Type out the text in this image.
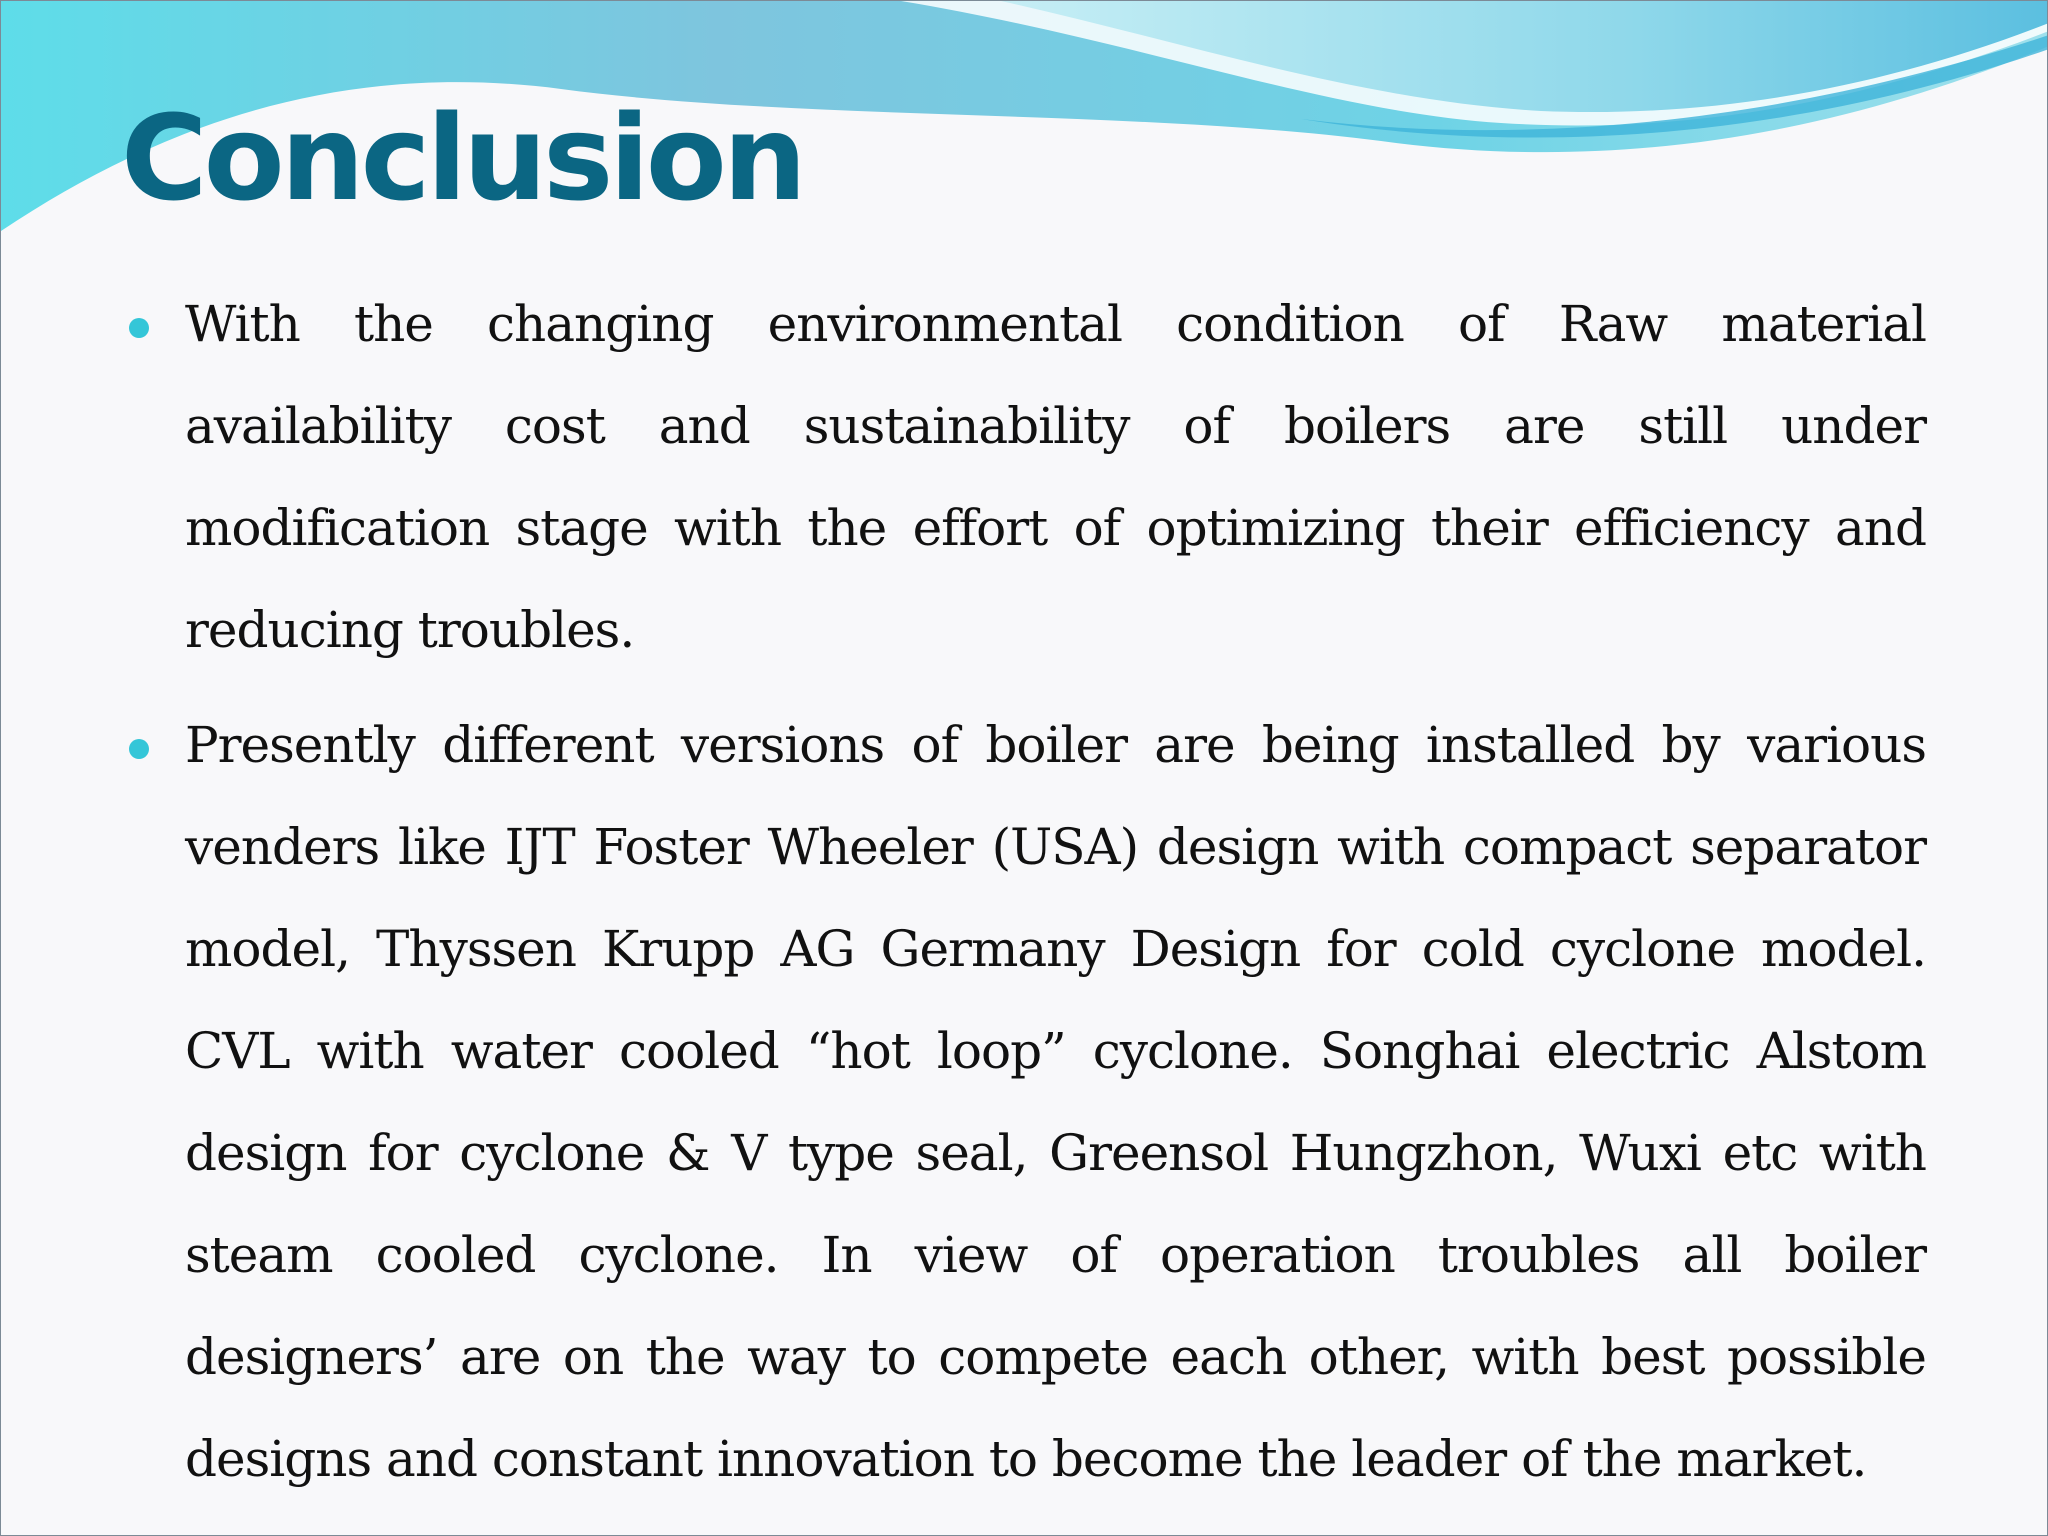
Conclusion
With the changing environmental condition of Raw material availability cost and sustainability of boilers are still under modification stage with the effort of optimizing their efficiency and reducing troubles.
Presently different versions of boiler are being installed by various venders like IJT Foster Wheeler (USA) design with compact separator model, Thyssen Krupp AG Germany Design for cold cyclone model. CVL with water cooled “hot loop” cyclone. Songhai electric Alstom design for cyclone & V type seal, Greensol Hungzhon, Wuxi etc with steam cooled cyclone. In view of operation troubles all boiler designers’ are on the way to compete each other, with best possible designs and constant innovation to become the leader of the market.
